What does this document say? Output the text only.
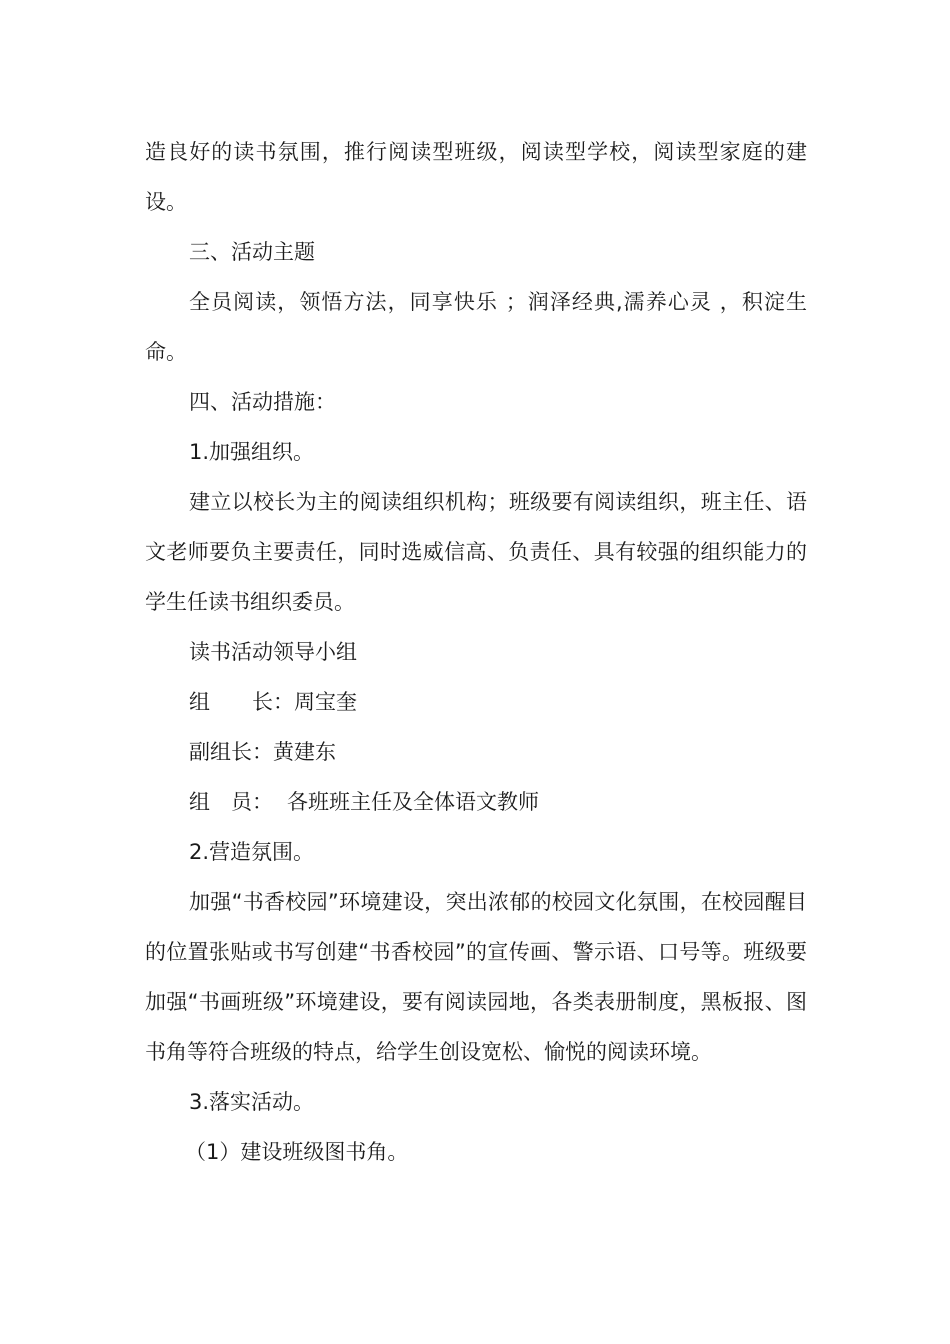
造良好的读书氛围，推行阅读型班级，阅读型学校，阅读型家庭的建设。

三、活动主题

全员阅读，领悟方法，同享快乐 ；润泽经典,濡养心灵 ，积淀生命。

四、活动措施：

1.加强组织。

建立以校长为主的阅读组织机构；班级要有阅读组织，班主任、语文老师要负主要责任，同时选威信高、负责任、具有较强的组织能力的学生任读书组织委员。

读书活动领导小组

组　　长：周宝奎

副组长：黄建东

组　员： 各班班主任及全体语文教师

2.营造氛围。

加强“书香校园”环境建设，突出浓郁的校园文化氛围，在校园醒目的位置张贴或书写创建“书香校园”的宣传画、警示语、口号等。班级要加强“书画班级”环境建设，要有阅读园地，各类表册制度，黑板报、图书角等符合班级的特点，给学生创设宽松、愉悦的阅读环境。

3.落实活动。

（1）建设班级图书角。
